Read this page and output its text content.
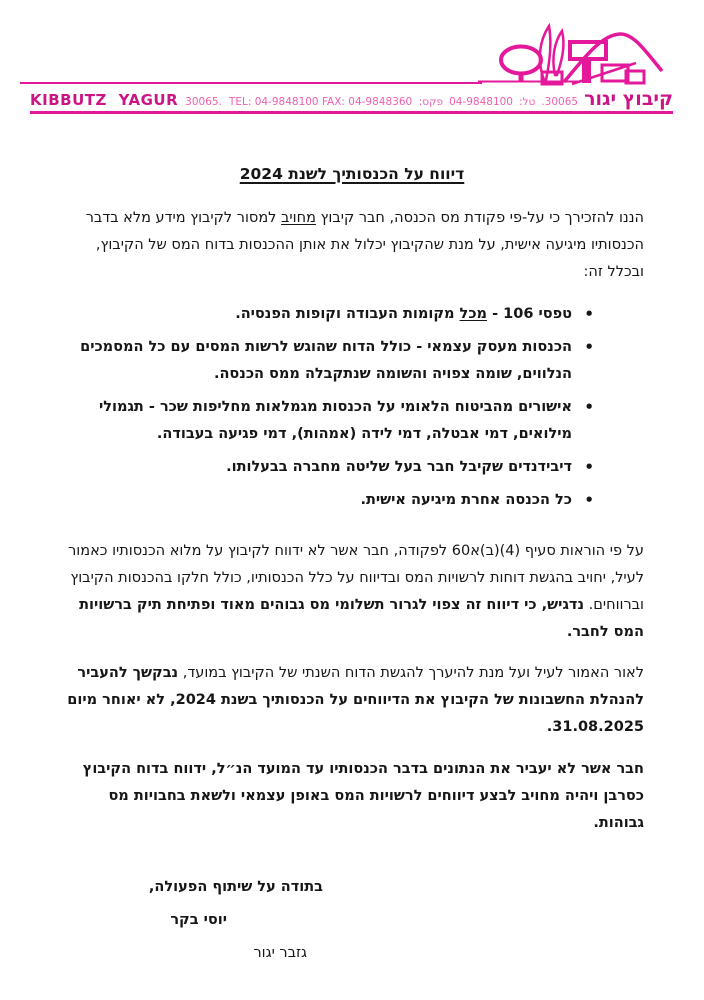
KIBBUTZ YAGUR 30065. TEL: 04-9848100 FAX: 04-9848360 פקס: 04-9848100 טל: 30065. קיבוץ יגור
דיווח על הכנסותיך לשנת 2024

הננו להזכירך כי על-פי פקודת מס הכנסה, חבר קיבוץ מחויב למסור לקיבוץ מידע מלא בדבר הכנסותיו מיגיעה אישית, על מנת שהקיבוץ יכלול את אותן ההכנסות בדוח המס של הקיבוץ, ובכלל זה:

• טפסי 106 - מכל מקומות העבודה וקופות הפנסיה.
• הכנסות מעסק עצמאי - כולל הדוח שהוגש לרשות המסים עם כל המסמכים הנלווים, שומה צפויה והשומה שנתקבלה ממס הכנסה.
• אישורים מהביטוח הלאומי על הכנסות מגמלאות מחליפות שכר - תגמולי מילואים, דמי אבטלה, דמי לידה (אמהות), דמי פגיעה בעבודה.
• דיבידנדים שקיבל חבר בעל שליטה מחברה בבעלותו.
• כל הכנסה אחרת מיגיעה אישית.

על פי הוראות סעיף 60א(ב)(4) לפקודה, חבר אשר לא ידווח לקיבוץ על מלוא הכנסותיו כאמור לעיל, יחויב בהגשת דוחות לרשויות המס ובדיווח על כלל הכנסותיו, כולל חלקו בהכנסות הקיבוץ וברווחים. נדגיש, כי דיווח זה צפוי לגרור תשלומי מס גבוהים מאוד ופתיחת תיק ברשויות המס לחבר.

לאור האמור לעיל ועל מנת להיערך להגשת הדוח השנתי של הקיבוץ במועד, נבקשך להעביר להנהלת החשבונות של הקיבוץ את הדיווחים על הכנסותיך בשנת 2024, לא יאוחר מיום 31.08.2025.

חבר אשר לא יעביר את הנתונים בדבר הכנסותיו עד המועד הנ״ל, ידווח בדוח הקיבוץ כסרבן ויהיה מחויב לבצע דיווחים לרשויות המס באופן עצמאי ולשאת בחבויות מס גבוהות.

בתודה על שיתוף הפעולה,
יוסי בקר
גזבר יגור
